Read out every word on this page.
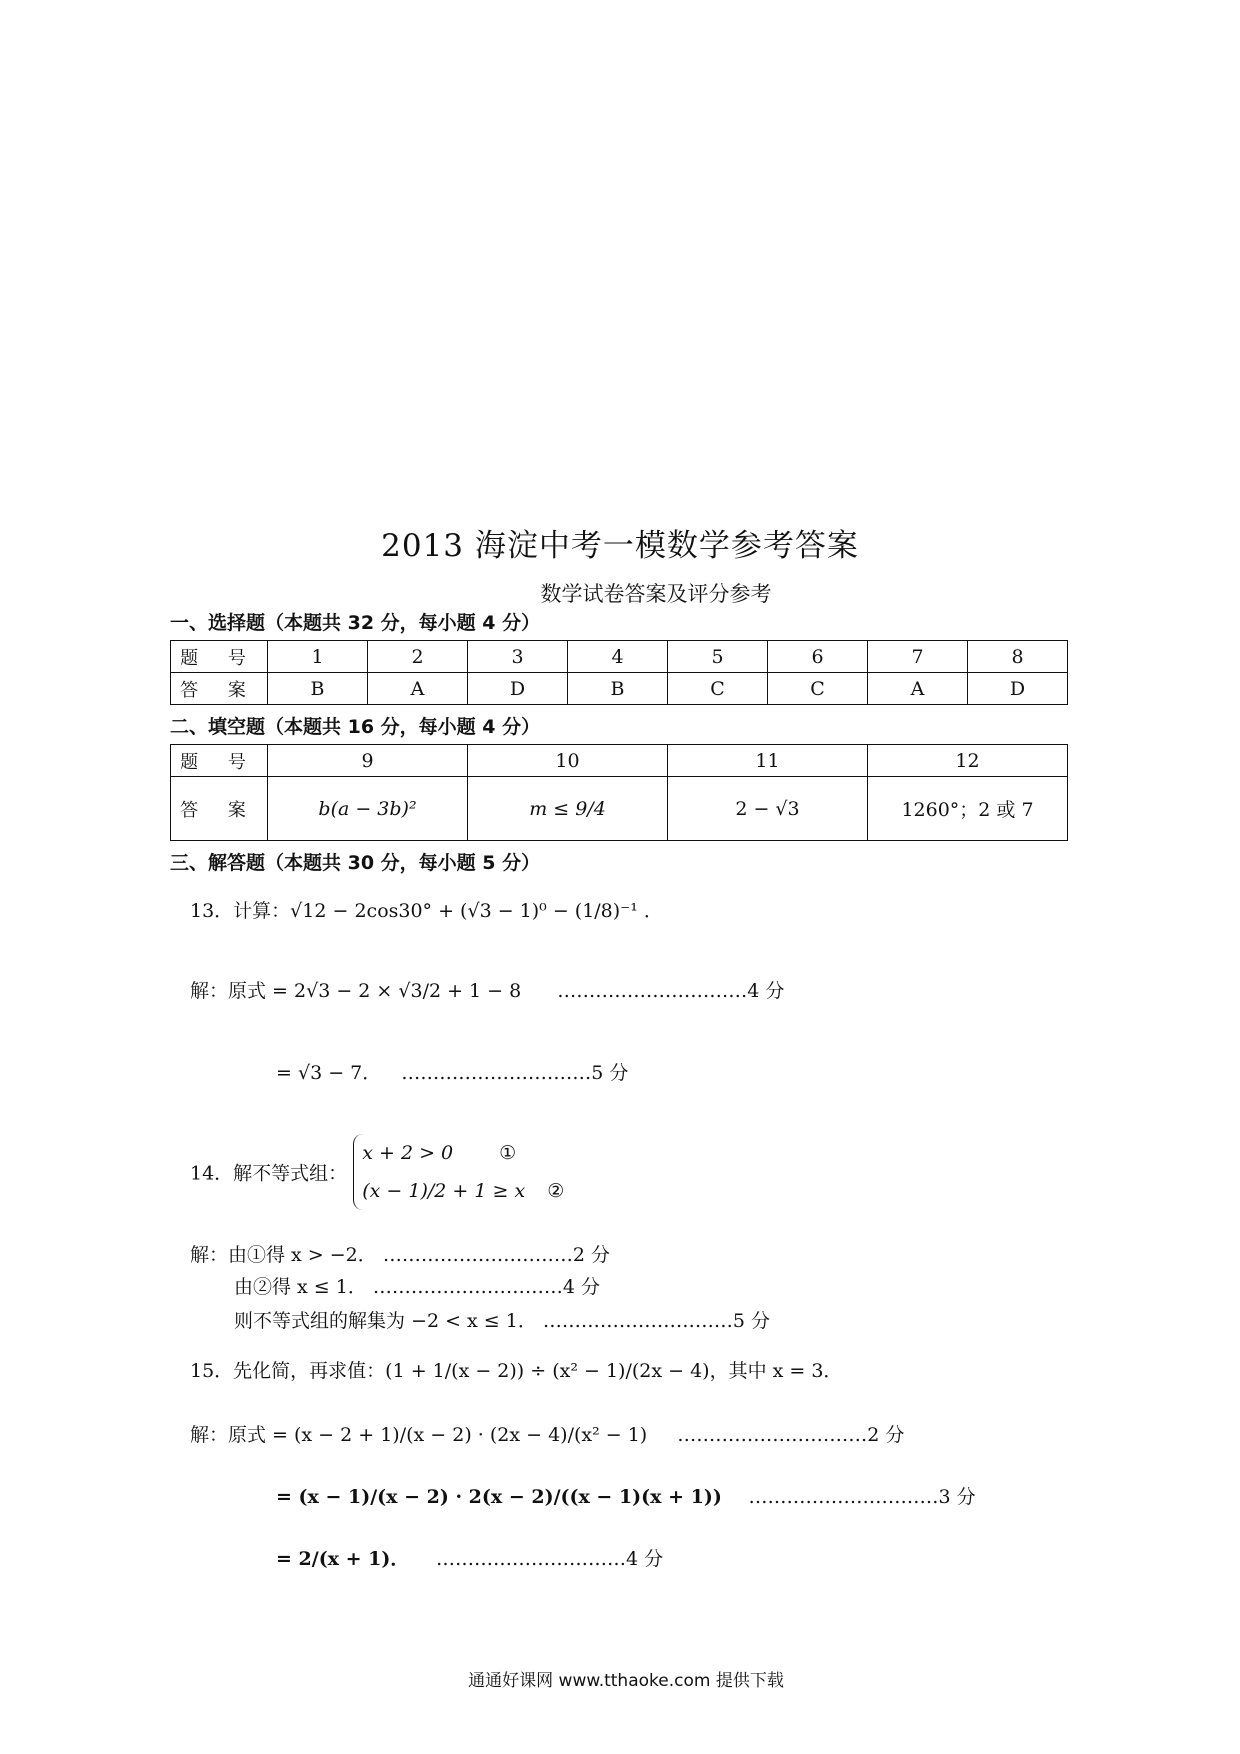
2013 海淀中考一模数学参考答案
数学试卷答案及评分参考
一、选择题（本题共 32 分，每小题 4 分）
题 号	1	2	3	4	5	6	7	8
答 案	B	A	D	B	C	C	A	D
二、填空题（本题共 16 分，每小题 4 分）
题 号	9	10	11	12
答 案	b(a − 3b)²	m ≤ 9/4	2 − √3	1260°；2 或 7
三、解答题（本题共 30 分，每小题 5 分）
13．计算：√12 − 2cos30° + (√3 − 1)⁰ − (1/8)⁻¹ ．
解：原式 = 2√3 − 2 × √3/2 + 1 − 8 …………………………4 分
= √3 − 7． …………………………5 分
14．解不等式组：
x + 2 > 0 ①
(x − 1)/2 + 1 ≥ x ②
解：由①得 x > −2． …………………………2 分
由②得 x ≤ 1． …………………………4 分
则不等式组的解集为 −2 < x ≤ 1． …………………………5 分
15．先化简，再求值：(1 + 1/(x − 2)) ÷ (x² − 1)/(2x − 4)，其中 x = 3．
解：原式 = (x − 2 + 1)/(x − 2) · (2x − 4)/(x² − 1) …………………………2 分
= (x − 1)/(x − 2) · 2(x − 2)/((x − 1)(x + 1)) …………………………3 分
= 2/(x + 1)． …………………………4 分
通通好课网 www.tthaoke.com 提供下载
